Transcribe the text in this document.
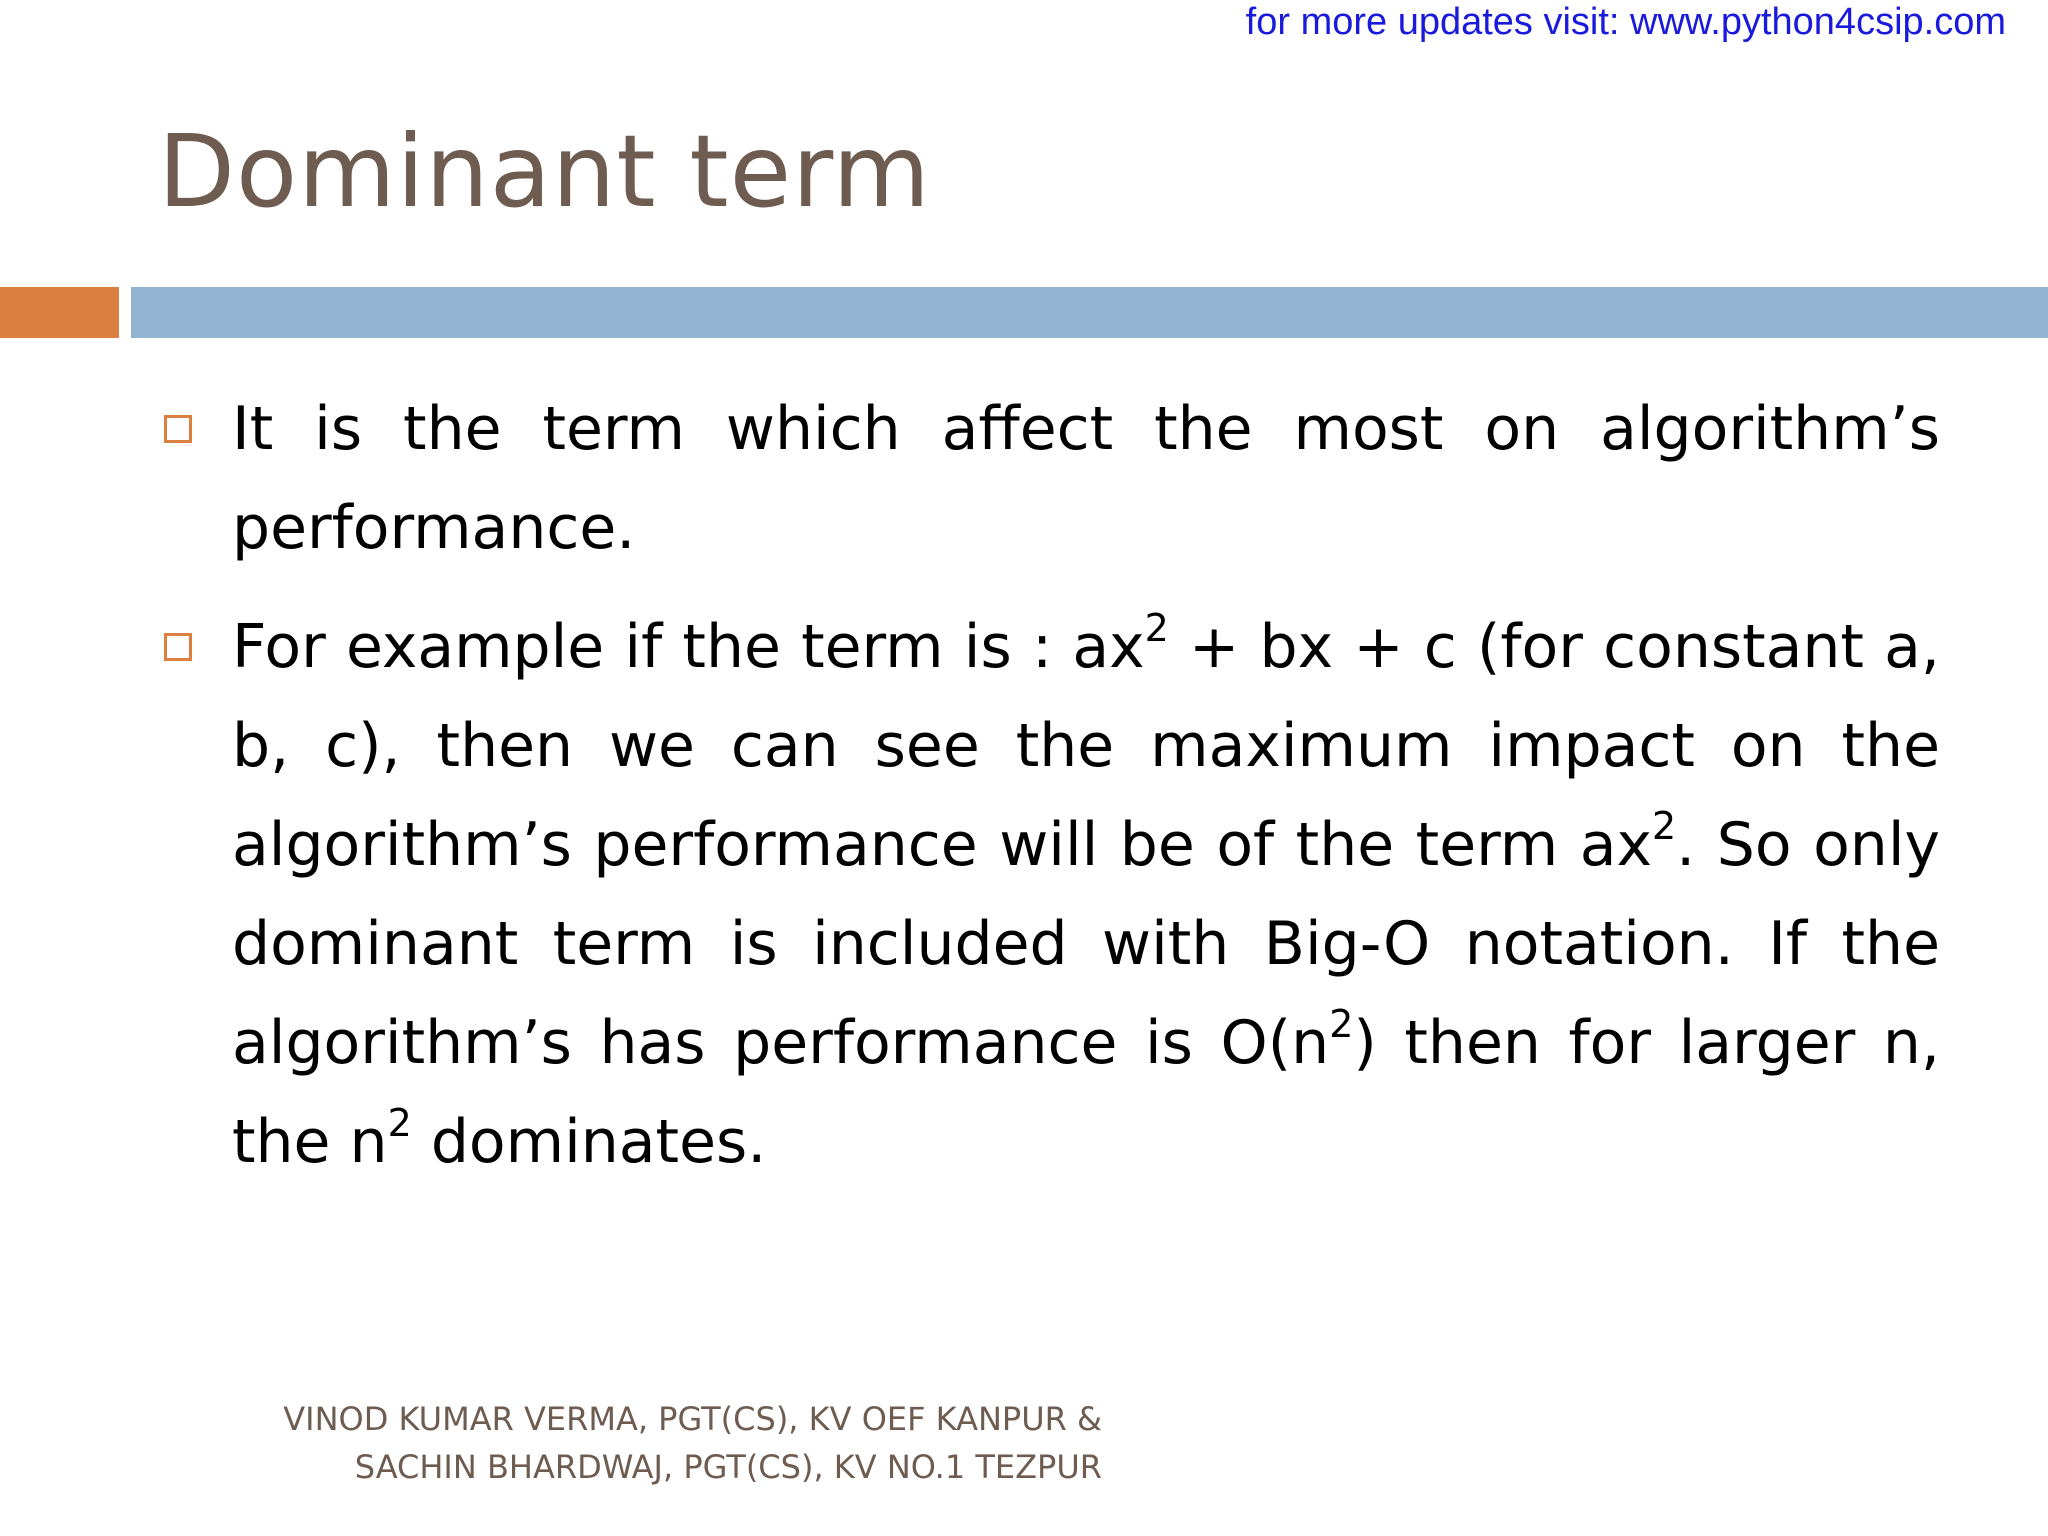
for more updates visit: www.python4csip.com
Dominant term
It is the term which affect the most on algorithm’s performance.
For example if the term is : $ax^2$ + bx + c (for constant a, b, c), then we can see the maximum impact on the algorithm’s performance will be of the term $ax^2$. So only dominant term is included with Big-O notation. If the algorithm’s has performance is $O(n^2)$ then for larger n, the $n^2$ dominates.
VINOD KUMAR VERMA, PGT(CS), KV OEF KANPUR &
SACHIN BHARDWAJ, PGT(CS), KV NO.1 TEZPUR
